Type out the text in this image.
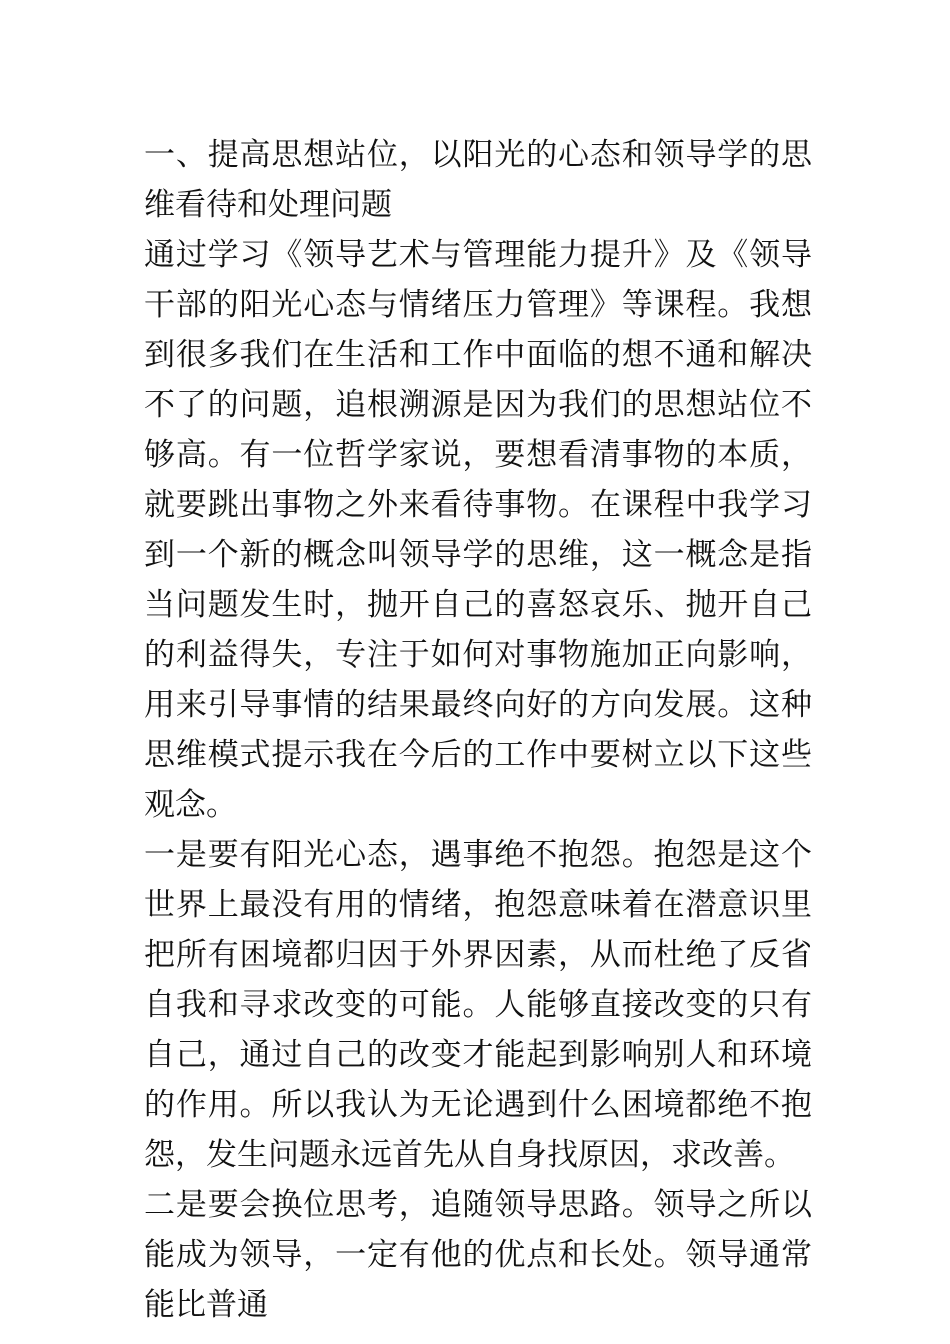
一、提高思想站位，以阳光的心态和领导学的思维看待和处理问题

通过学习《领导艺术与管理能力提升》及《领导干部的阳光心态与情绪压力管理》等课程。我想到很多我们在生活和工作中面临的想不通和解决不了的问题，追根溯源是因为我们的思想站位不够高。有一位哲学家说，要想看清事物的本质，就要跳出事物之外来看待事物。在课程中我学习到一个新的概念叫领导学的思维，这一概念是指当问题发生时，抛开自己的喜怒哀乐、抛开自己的利益得失，专注于如何对事物施加正向影响，用来引导事情的结果最终向好的方向发展。这种思维模式提示我在今后的工作中要树立以下这些观念。

一是要有阳光心态，遇事绝不抱怨。抱怨是这个世界上最没有用的情绪，抱怨意味着在潜意识里把所有困境都归因于外界因素，从而杜绝了反省自我和寻求改变的可能。人能够直接改变的只有自己，通过自己的改变才能起到影响别人和环境的作用。所以我认为无论遇到什么困境都绝不抱怨，发生问题永远首先从自身找原因，求改善。

二是要会换位思考，追随领导思路。领导之所以能成为领导，一定有他的优点和长处。领导通常能比普通
